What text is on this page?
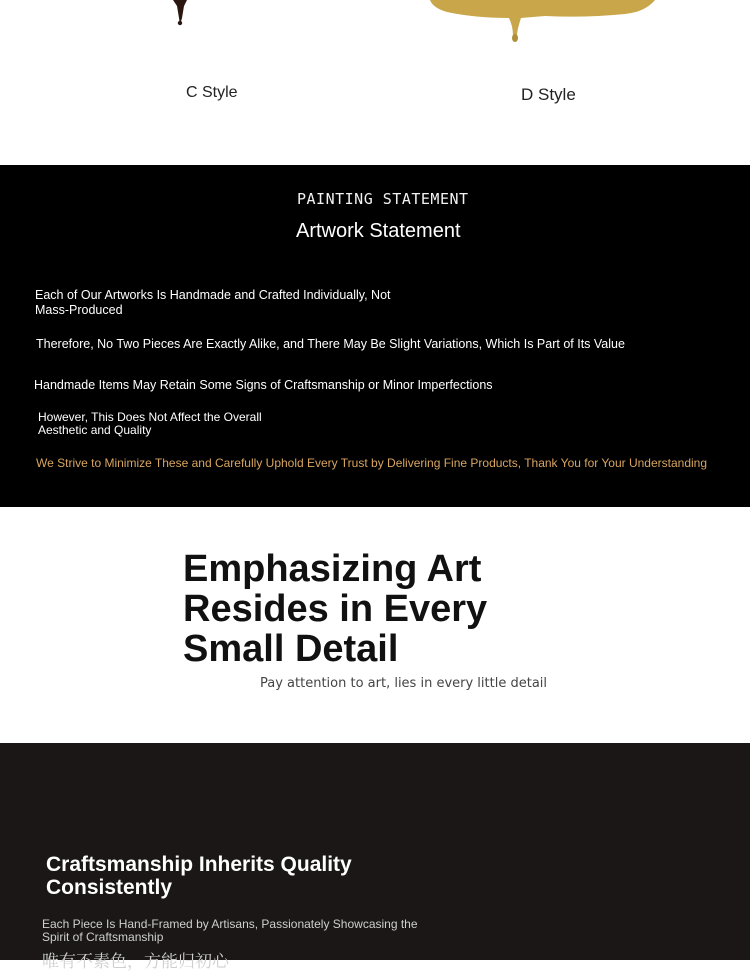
C Style	D Style
PAINTING STATEMENT
Artwork Statement
Each of Our Artworks Is Handmade and Crafted Individually, Not Mass-Produced
Therefore, No Two Pieces Are Exactly Alike, and There May Be Slight Variations, Which Is Part of Its Value
Handmade Items May Retain Some Signs of Craftsmanship or Minor Imperfections
However, This Does Not Affect the Overall Aesthetic and Quality
We Strive to Minimize These and Carefully Uphold Every Trust by Delivering Fine Products, Thank You for Your Understanding
Emphasizing Art Resides in Every Small Detail
Pay attention to art, lies in every little detail
Craftsmanship Inherits Quality Consistently
Each Piece Is Hand-Framed by Artisans, Passionately Showcasing the Spirit of Craftsmanship
唯有不素色，方能归初心
